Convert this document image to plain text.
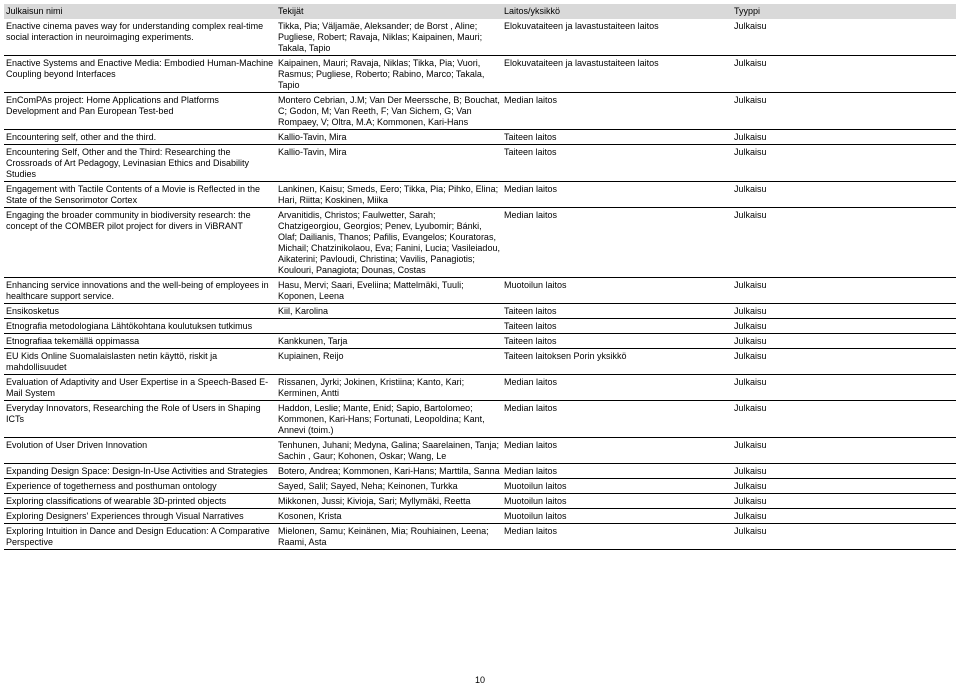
Julkaisun nimi	Tekijät	Laitos/yksikkö	Tyyppi
Enactive cinema paves way for understanding complex real-time social interaction in neuroimaging experiments.	Tikka, Pia; Väljamäe, Aleksander; de Borst , Aline; Pugliese, Robert; Ravaja, Niklas; Kaipainen, Mauri; Takala, Tapio	Elokuvataiteen ja lavastustaiteen laitos	Julkaisu
Enactive Systems and Enactive Media: Embodied Human-Machine Coupling beyond Interfaces	Kaipainen, Mauri; Ravaja, Niklas; Tikka, Pia; Vuori, Rasmus; Pugliese, Roberto; Rabino, Marco; Takala, Tapio	Elokuvataiteen ja lavastustaiteen laitos	Julkaisu
EnComPAs project: Home Applications and Platforms Development and Pan European Test-bed	Montero Cebrian, J.M; Van Der Meerssche, B; Bouchat, C; Godon, M; Van Reeth, F; Van Sichem, G; Van Rompaey, V; Oltra, M.A; Kommonen, Kari-Hans	Median laitos	Julkaisu
Encountering self, other and the third.	Kallio-Tavin, Mira	Taiteen laitos	Julkaisu
Encountering Self, Other and the Third: Researching the Crossroads of Art Pedagogy, Levinasian Ethics and Disability Studies	Kallio-Tavin, Mira	Taiteen laitos	Julkaisu
Engagement with Tactile Contents of a Movie is Reflected in the State of the Sensorimotor Cortex	Lankinen, Kaisu; Smeds, Eero; Tikka, Pia; Pihko, Elina; Hari, Riitta; Koskinen, Miika	Median laitos	Julkaisu
Engaging the broader community in biodiversity research: the concept of the COMBER pilot project for divers in ViBRANT	Arvanitidis, Christos; Faulwetter, Sarah; Chatzigeorgiou, Georgios; Penev, Lyubomir; Bánki, Olaf; Dailianis, Thanos; Pafilis, Evangelos; Kouratoras, Michail; Chatzinikolaou, Eva; Fanini, Lucia; Vasileiadou, Aikaterini; Pavloudi, Christina; Vavilis, Panagiotis; Koulouri, Panagiota; Dounas, Costas	Median laitos	Julkaisu
Enhancing service innovations and the well-being of employees in healthcare support service.	Hasu, Mervi; Saari, Eveliina; Mattelmäki, Tuuli; Koponen, Leena	Muotoilun laitos	Julkaisu
Ensikosketus	Kiil, Karolina	Taiteen laitos	Julkaisu
Etnografia metodologiana Lähtökohtana koulutuksen tutkimus		Taiteen laitos	Julkaisu
Etnografiaa tekemällä oppimassa	Kankkunen, Tarja	Taiteen laitos	Julkaisu
EU Kids Online Suomalaislasten netin käyttö, riskit ja mahdollisuudet	Kupiainen, Reijo	Taiteen laitoksen Porin yksikkö	Julkaisu
Evaluation of Adaptivity and User Expertise in a Speech-Based E-Mail System	Rissanen, Jyrki; Jokinen, Kristiina; Kanto, Kari; Kerminen, Antti	Median laitos	Julkaisu
Everyday Innovators, Researching the Role of Users in Shaping ICTs	Haddon, Leslie; Mante, Enid; Sapio, Bartolomeo; Kommonen, Kari-Hans; Fortunati, Leopoldina; Kant, Annevi (toim.)	Median laitos	Julkaisu
Evolution of User Driven Innovation	Tenhunen, Juhani; Medyna, Galina; Saarelainen, Tanja; Sachin , Gaur; Kohonen, Oskar; Wang, Le	Median laitos	Julkaisu
Expanding Design Space: Design-In-Use Activities and Strategies	Botero, Andrea; Kommonen, Kari-Hans; Marttila, Sanna	Median laitos	Julkaisu
Experience of togetherness and posthuman ontology	Sayed, Salil; Sayed, Neha; Keinonen, Turkka	Muotoilun laitos	Julkaisu
Exploring classifications of wearable 3D-printed objects	Mikkonen, Jussi; Kivioja, Sari; Myllymäki, Reetta	Muotoilun laitos	Julkaisu
Exploring Designers' Experiences through Visual Narratives	Kosonen, Krista	Muotoilun laitos	Julkaisu
Exploring Intuition in Dance and Design Education: A Comparative Perspective	Mielonen, Samu; Keinänen, Mia; Rouhiainen, Leena; Raami, Asta	Median laitos	Julkaisu
10
